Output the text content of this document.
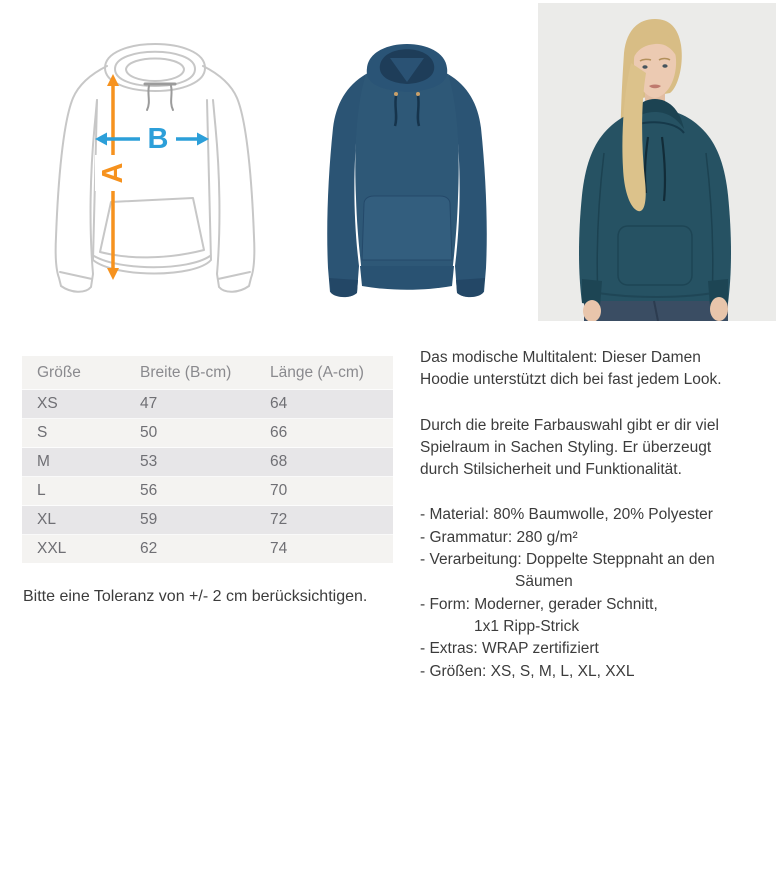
A
B
Größe	Breite (B-cm)	Länge (A-cm)
XS	47	64
S	50	66
M	53	68
L	56	70
XL	59	72
XXL	62	74

Bitte eine Toleranz von +/- 2 cm berücksichtigen.

Das modische Multitalent: Dieser Damen Hoodie unterstützt dich bei fast jedem Look.

Durch die breite Farbauswahl gibt er dir viel Spielraum in Sachen Styling. Er überzeugt durch Stilsicherheit und Funktionalität.

- Material: 80% Baumwolle, 20% Polyester
- Grammatur: 280 g/m²
- Verarbeitung: Doppelte Steppnaht an den
Säumen
- Form: Moderner, gerader Schnitt,
1x1 Ripp-Strick
- Extras: WRAP zertifiziert
- Größen: XS, S, M, L, XL, XXL
